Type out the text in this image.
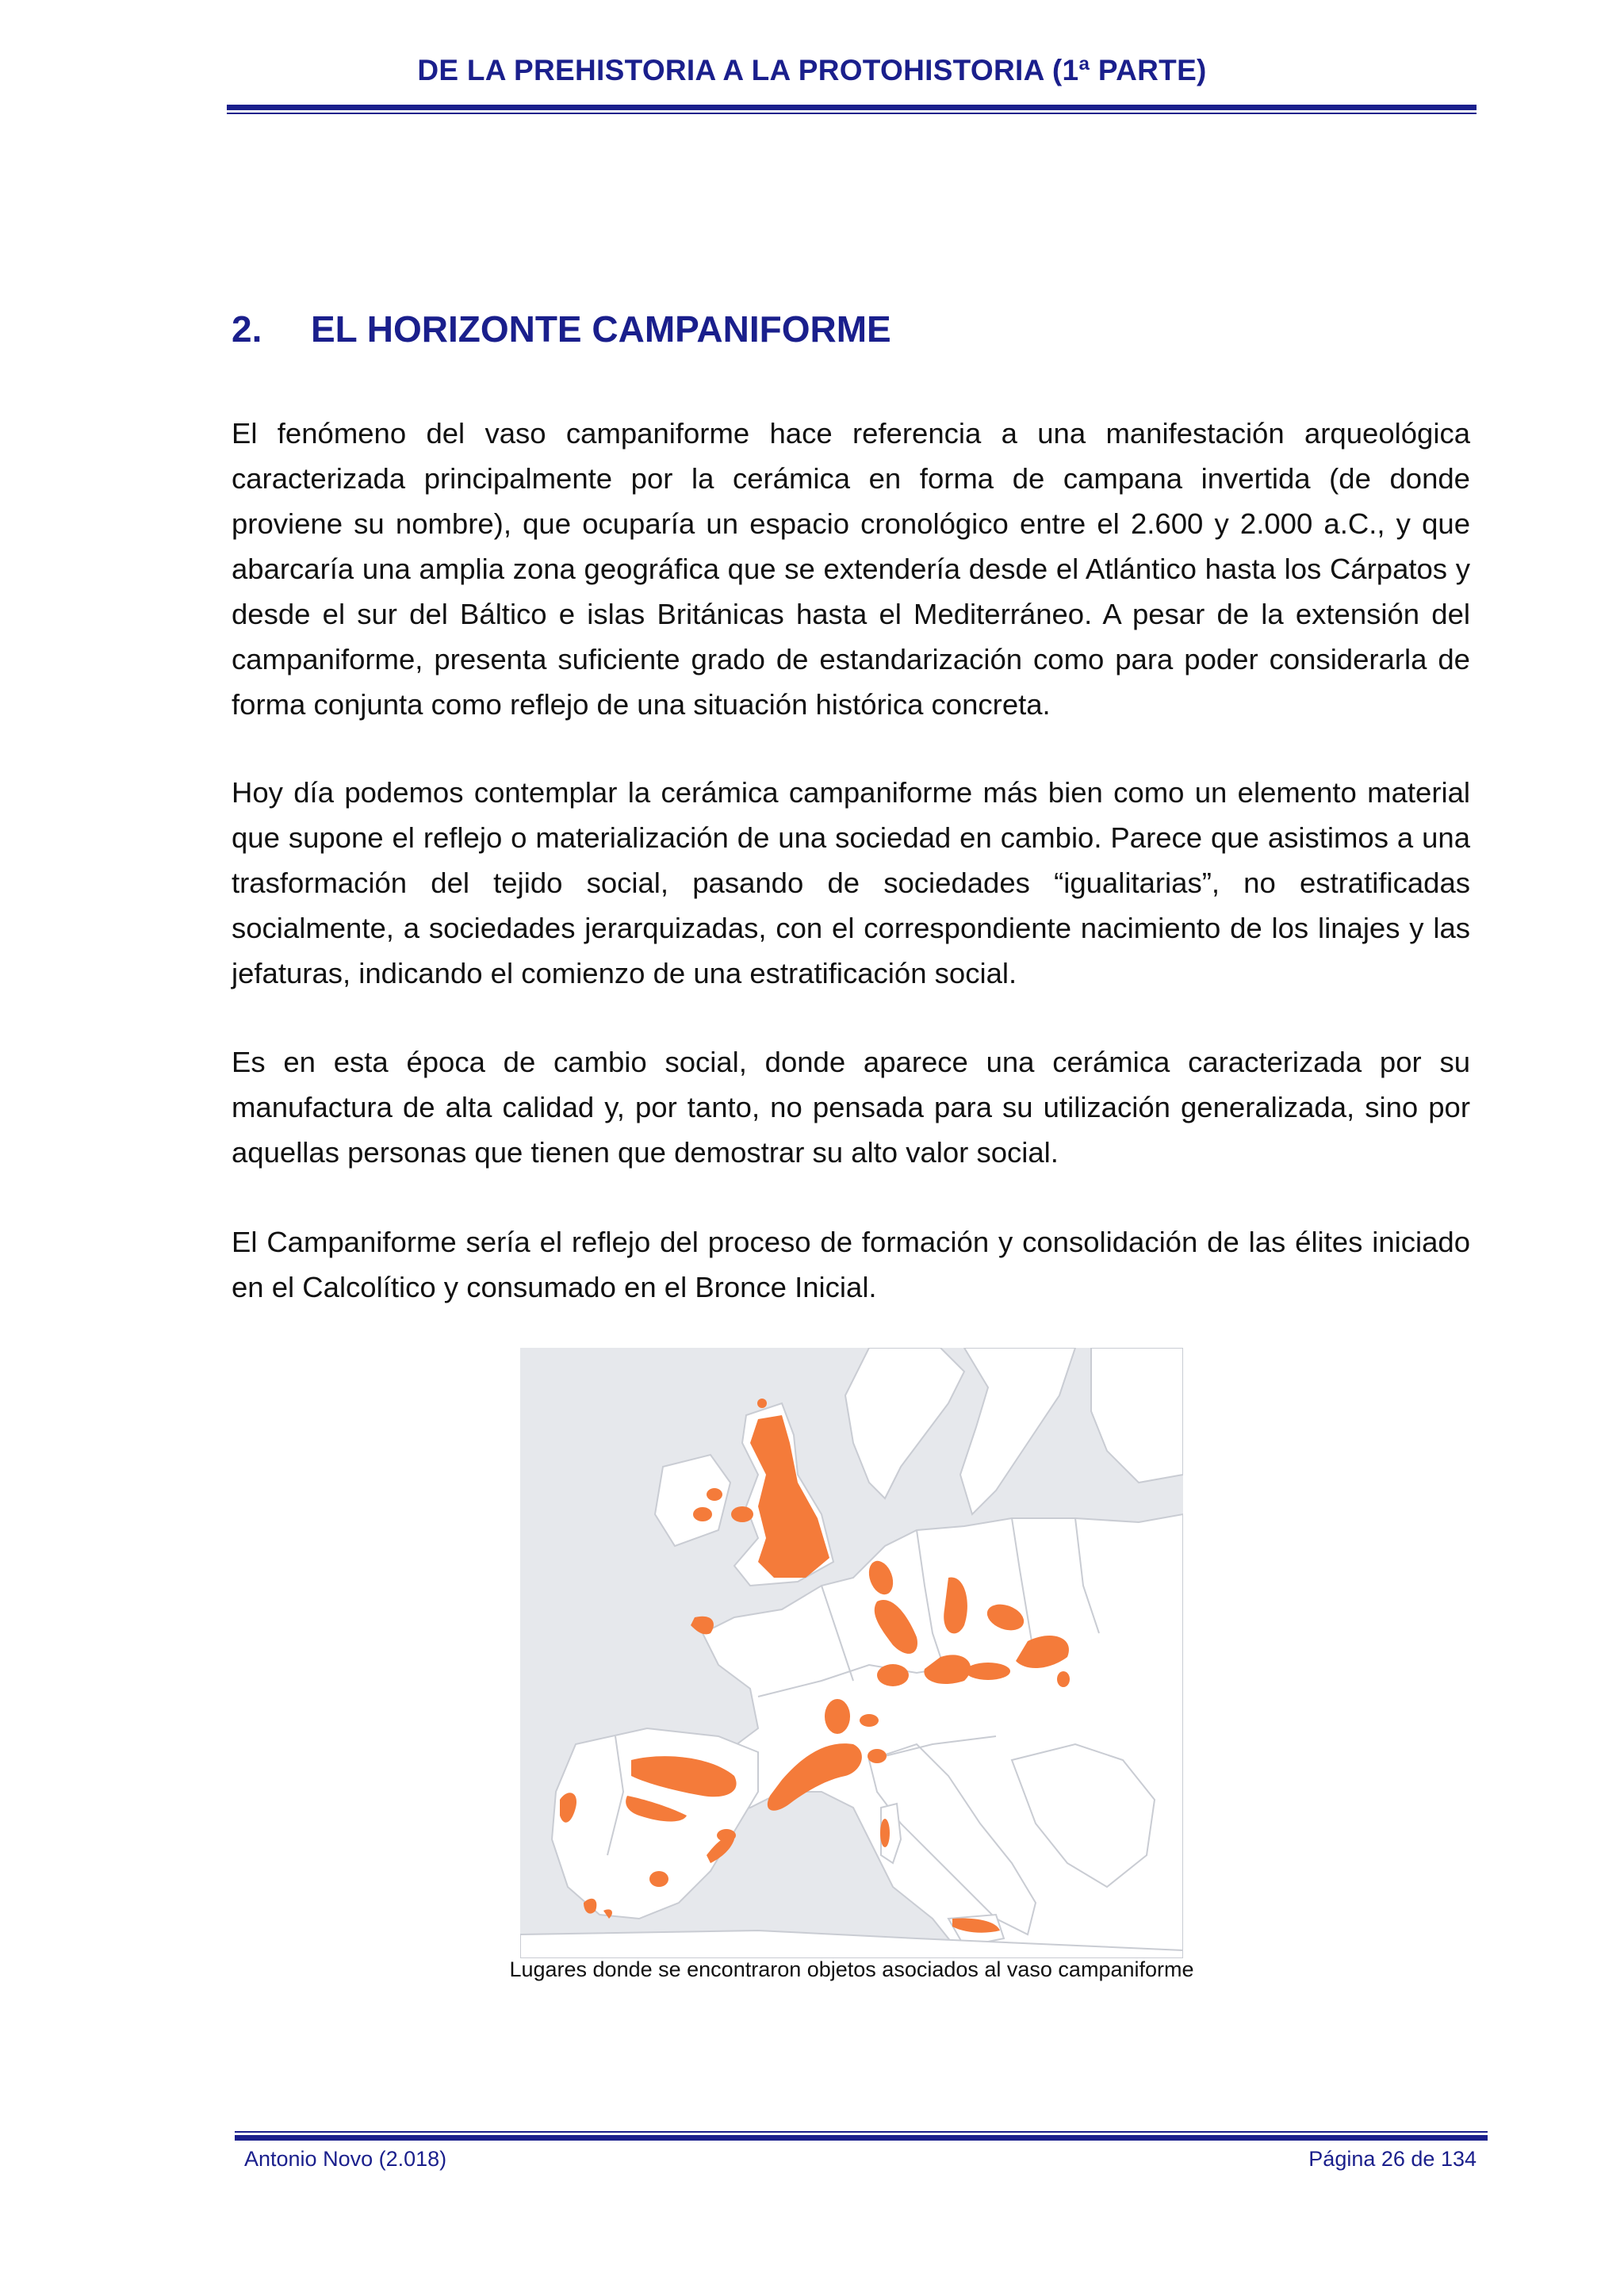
DE LA PREHISTORIA A LA PROTOHISTORIA (1ª PARTE)
2. EL HORIZONTE CAMPANIFORME
El fenómeno del vaso campaniforme hace referencia a una manifestación arqueológica caracterizada principalmente por la cerámica en forma de campana invertida (de donde proviene su nombre), que ocuparía un espacio cronológico entre el 2.600 y 2.000 a.C., y que abarcaría una amplia zona geográfica que se extendería desde el Atlántico hasta los Cárpatos y desde el sur del Báltico e islas Británicas hasta el Mediterráneo. A pesar de la extensión del campaniforme, presenta suficiente grado de estandarización como para poder considerarla de forma conjunta como reflejo de una situación histórica concreta.
Hoy día podemos contemplar la cerámica campaniforme más bien como un elemento material que supone el reflejo o materialización de una sociedad en cambio. Parece que asistimos a una trasformación del tejido social, pasando de sociedades “igualitarias”, no estratificadas socialmente, a sociedades jerarquizadas, con el correspondiente nacimiento de los linajes y las jefaturas, indicando el comienzo de una estratificación social.
Es en esta época de cambio social, donde aparece una cerámica caracterizada por su manufactura de alta calidad y, por tanto, no pensada para su utilización generalizada, sino por aquellas personas que tienen que demostrar su alto valor social.
El Campaniforme sería el reflejo del proceso de formación y consolidación de las élites iniciado en el Calcolítico y consumado en el Bronce Inicial.
Lugares donde se encontraron objetos asociados al vaso campaniforme
Antonio Novo (2.018)	Página 26 de 134
